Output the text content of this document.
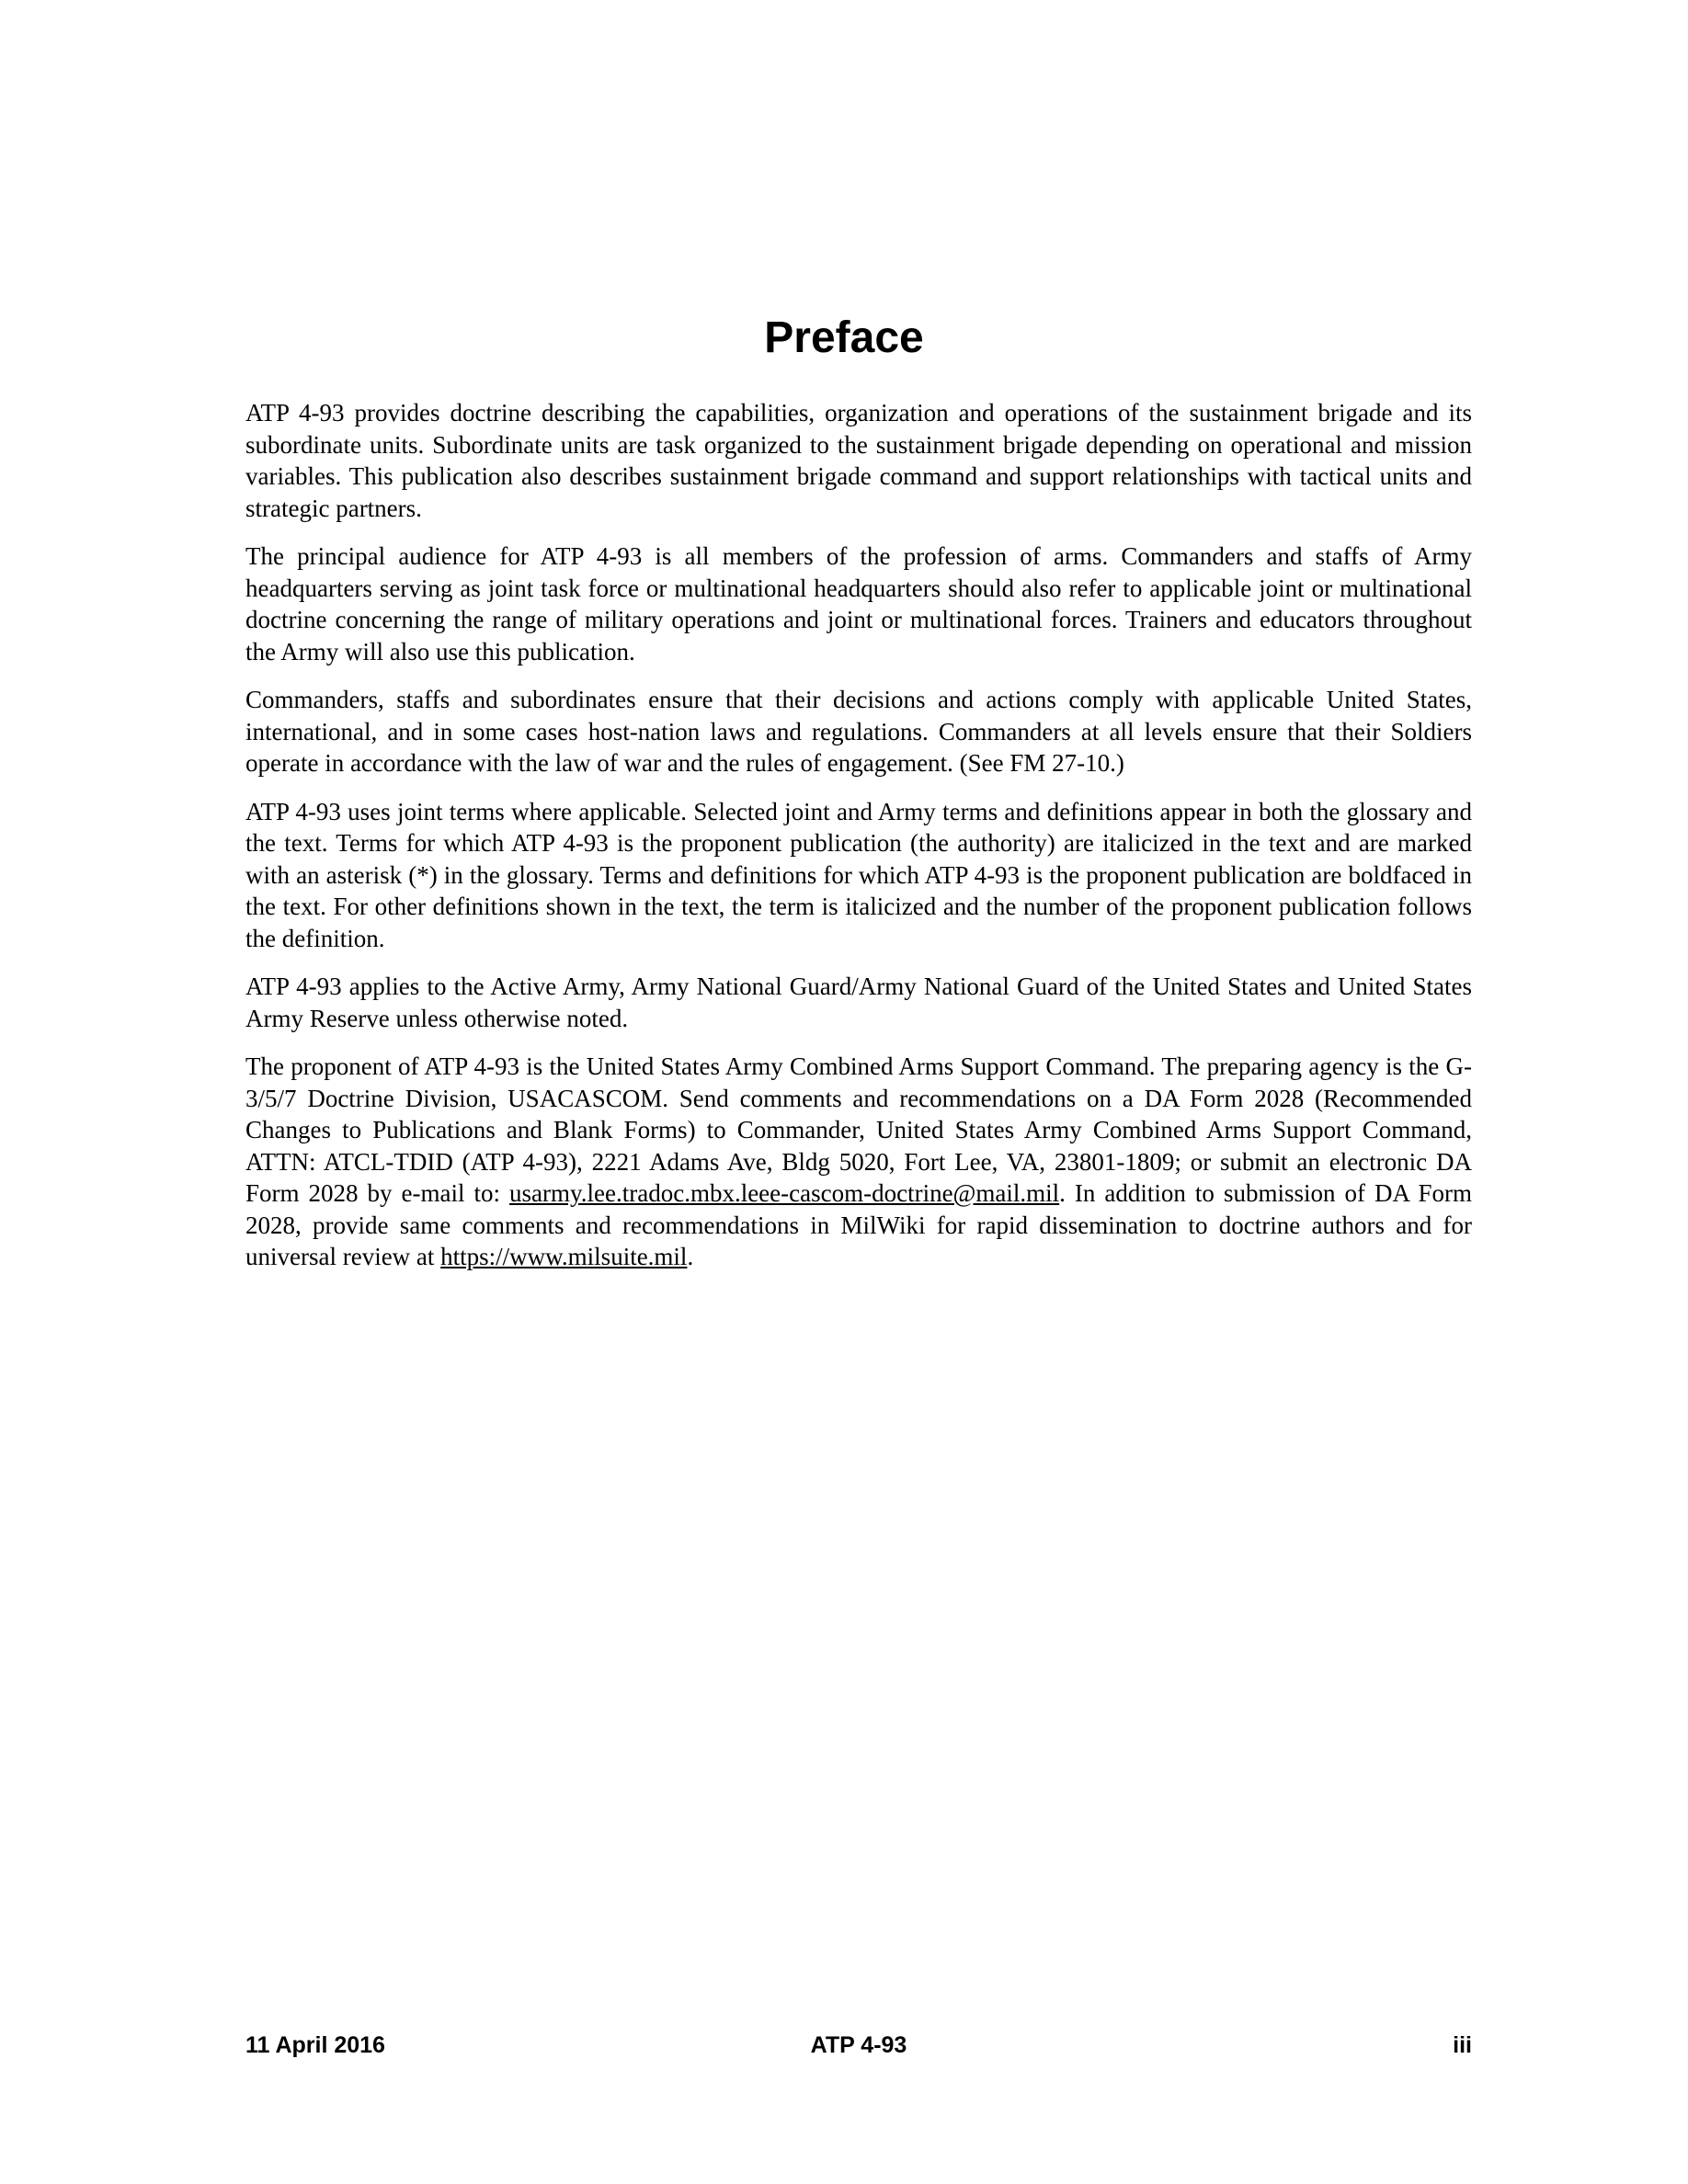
Preface

ATP 4-93 provides doctrine describing the capabilities, organization and operations of the sustainment brigade and its subordinate units. Subordinate units are task organized to the sustainment brigade depending on operational and mission variables. This publication also describes sustainment brigade command and support relationships with tactical units and strategic partners.

The principal audience for ATP 4-93 is all members of the profession of arms. Commanders and staffs of Army headquarters serving as joint task force or multinational headquarters should also refer to applicable joint or multinational doctrine concerning the range of military operations and joint or multinational forces. Trainers and educators throughout the Army will also use this publication.

Commanders, staffs and subordinates ensure that their decisions and actions comply with applicable United States, international, and in some cases host-nation laws and regulations. Commanders at all levels ensure that their Soldiers operate in accordance with the law of war and the rules of engagement. (See FM 27-10.)

ATP 4-93 uses joint terms where applicable. Selected joint and Army terms and definitions appear in both the glossary and the text. Terms for which ATP 4-93 is the proponent publication (the authority) are italicized in the text and are marked with an asterisk (*) in the glossary. Terms and definitions for which ATP 4-93 is the proponent publication are boldfaced in the text. For other definitions shown in the text, the term is italicized and the number of the proponent publication follows the definition.

ATP 4-93 applies to the Active Army, Army National Guard/Army National Guard of the United States and United States Army Reserve unless otherwise noted.

The proponent of ATP 4-93 is the United States Army Combined Arms Support Command. The preparing agency is the G-3/5/7 Doctrine Division, USACASCOM. Send comments and recommendations on a DA Form 2028 (Recommended Changes to Publications and Blank Forms) to Commander, United States Army Combined Arms Support Command, ATTN: ATCL-TDID (ATP 4-93), 2221 Adams Ave, Bldg 5020, Fort Lee, VA, 23801-1809; or submit an electronic DA Form 2028 by e-mail to: usarmy.lee.tradoc.mbx.leee-cascom-doctrine@mail.mil. In addition to submission of DA Form 2028, provide same comments and recommendations in MilWiki for rapid dissemination to doctrine authors and for universal review at https://www.milsuite.mil.

ATP 4-93
11 April 2016	iii
